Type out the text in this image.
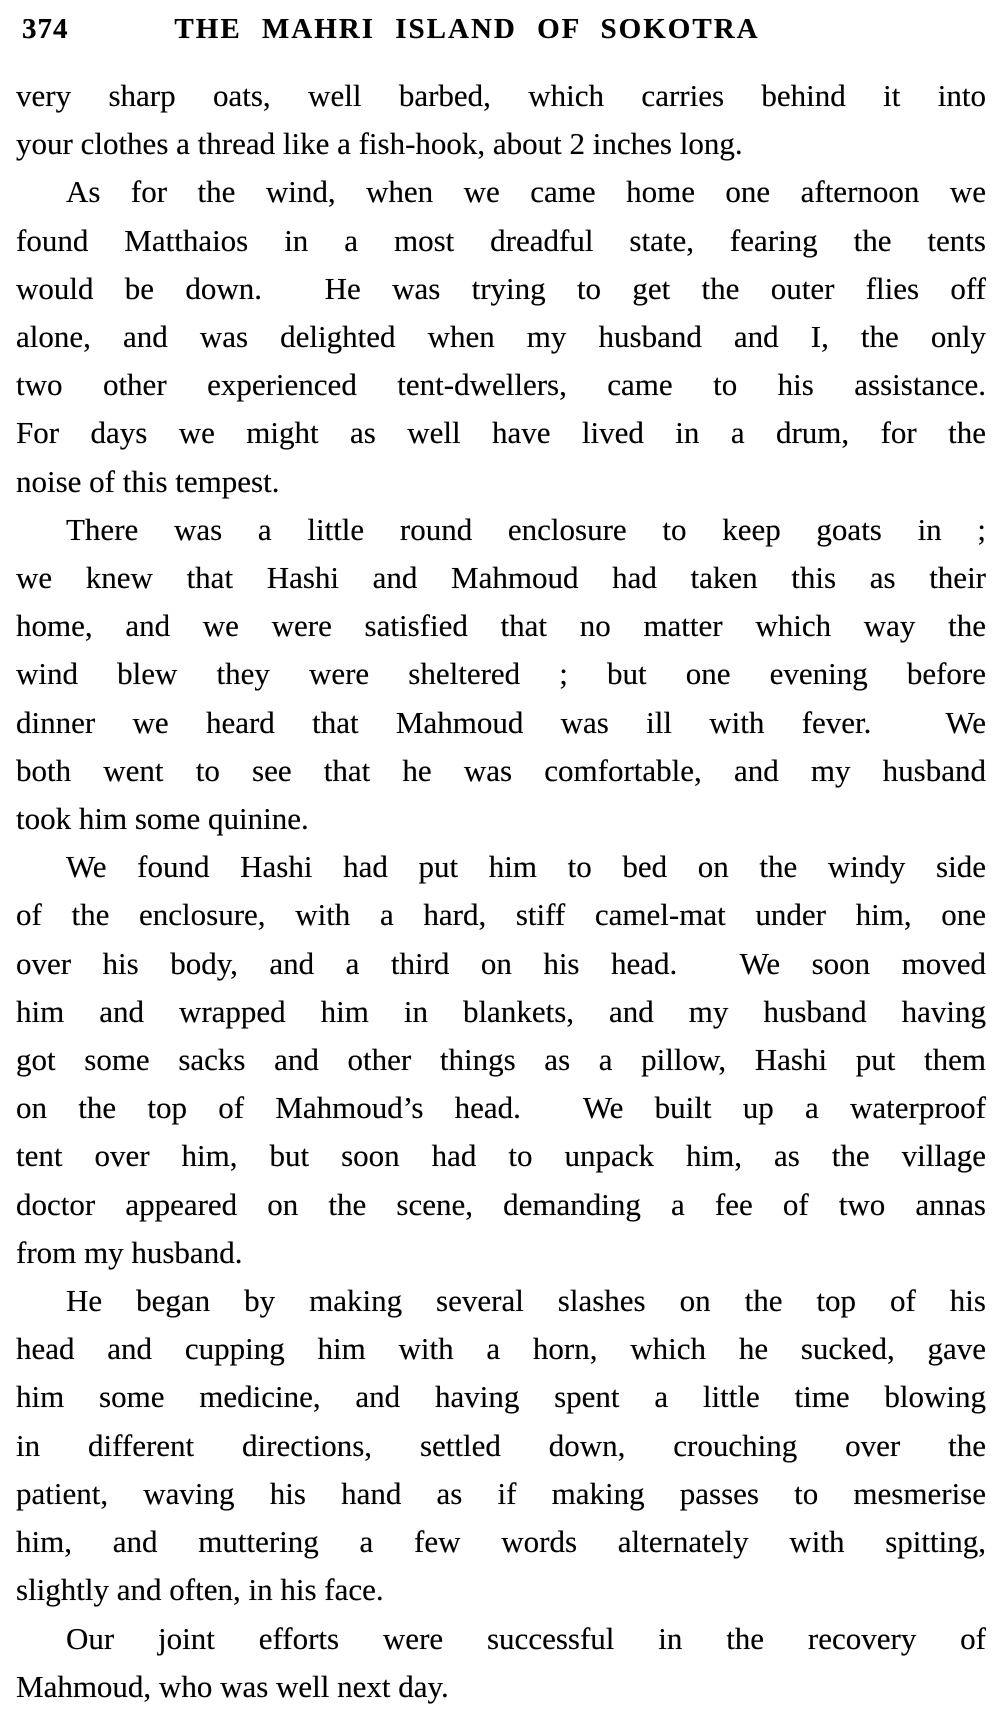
374	THE MAHRI ISLAND OF SOKOTRA
very sharp oats, well barbed, which carries behind it into
your clothes a thread like a fish-hook, about 2 inches long.
As for the wind, when we came home one afternoon we
found Matthaios in a most dreadful state, fearing the tents
would be down.  He was trying to get the outer flies off
alone, and was delighted when my husband and I, the only
two other experienced tent-dwellers, came to his assistance.
For days we might as well have lived in a drum, for the
noise of this tempest.
There was a little round enclosure to keep goats in ;
we knew that Hashi and Mahmoud had taken this as their
home, and we were satisfied that no matter which way the
wind blew they were sheltered ; but one evening before
dinner we heard that Mahmoud was ill with fever.  We
both went to see that he was comfortable, and my husband
took him some quinine.
We found Hashi had put him to bed on the windy side
of the enclosure, with a hard, stiff camel-mat under him, one
over his body, and a third on his head.  We soon moved
him and wrapped him in blankets, and my husband having
got some sacks and other things as a pillow, Hashi put them
on the top of Mahmoud’s head.  We built up a waterproof
tent over him, but soon had to unpack him, as the village
doctor appeared on the scene, demanding a fee of two annas
from my husband.
He began by making several slashes on the top of his
head and cupping him with a horn, which he sucked, gave
him some medicine, and having spent a little time blowing
in different directions, settled down, crouching over the
patient, waving his hand as if making passes to mesmerise
him, and muttering a few words alternately with spitting,
slightly and often, in his face.
Our joint efforts were successful in the recovery of
Mahmoud, who was well next day.
